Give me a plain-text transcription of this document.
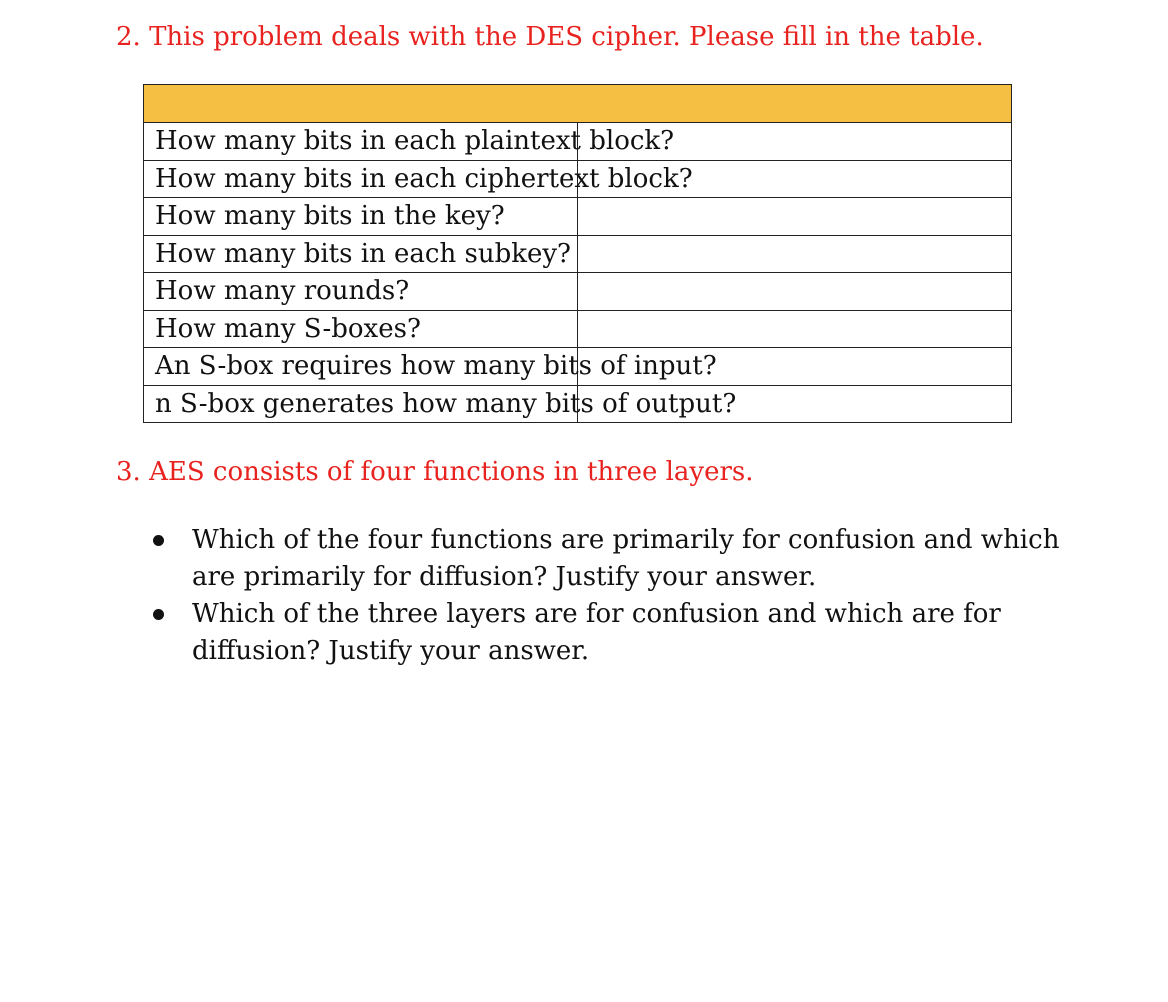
2. This problem deals with the DES cipher. Please fill in the table.

How many bits in each plaintext block?	
How many bits in each ciphertext block?	
How many bits in the key?	
How many bits in each subkey?	
How many rounds?	
How many S-boxes?	
An S-box requires how many bits of input?	
n S-box generates how many bits of output?	
3. AES consists of four functions in three layers.
Which of the four functions are primarily for confusion and which are primarily for diffusion? Justify your answer.
Which of the three layers are for confusion and which are for diffusion? Justify your answer.
